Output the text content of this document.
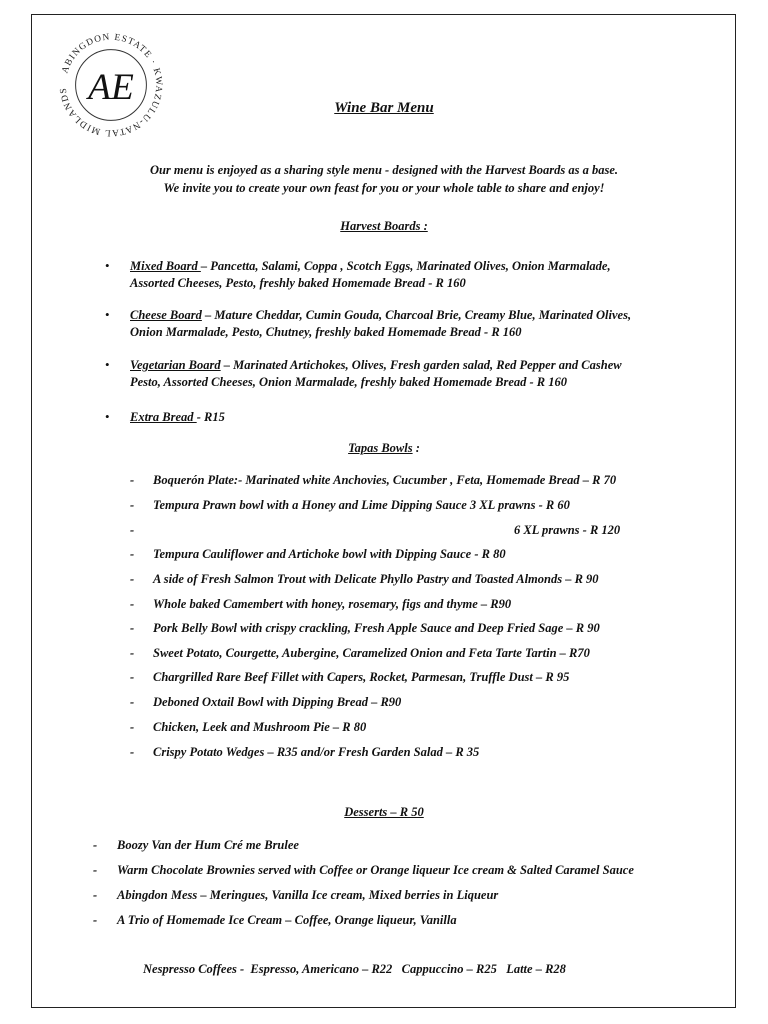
ABINGDON ESTATE · KWAZULU-NATAL MIDLANDS AE
Wine Bar Menu
Our menu is enjoyed as a sharing style menu - designed with the Harvest Boards as a base.
We invite you to create your own feast for you or your whole table to share and enjoy!
Harvest Boards :
• Mixed Board – Pancetta, Salami, Coppa , Scotch Eggs, Marinated Olives, Onion Marmalade,
Assorted Cheeses, Pesto, freshly baked Homemade Bread - R 160
• Cheese Board – Mature Cheddar, Cumin Gouda, Charcoal Brie, Creamy Blue, Marinated Olives,
Onion Marmalade, Pesto, Chutney, freshly baked Homemade Bread - R 160
• Vegetarian Board – Marinated Artichokes, Olives, Fresh garden salad, Red Pepper and Cashew
Pesto, Assorted Cheeses, Onion Marmalade, freshly baked Homemade Bread - R 160
• Extra Bread - R15
Tapas Bowls :
- Boquerón Plate:- Marinated white Anchovies, Cucumber , Feta, Homemade Bread – R 70
- Tempura Prawn bowl with a Honey and Lime Dipping Sauce 3 XL prawns - R 60
-	6 XL prawns - R 120
- Tempura Cauliflower and Artichoke bowl with Dipping Sauce - R 80
- A side of Fresh Salmon Trout with Delicate Phyllo Pastry and Toasted Almonds – R 90
- Whole baked Camembert with honey, rosemary, figs and thyme – R90
- Pork Belly Bowl with crispy crackling, Fresh Apple Sauce and Deep Fried Sage – R 90
- Sweet Potato, Courgette, Aubergine, Caramelized Onion and Feta Tarte Tartin – R70
- Chargrilled Rare Beef Fillet with Capers, Rocket, Parmesan, Truffle Dust – R 95
- Deboned Oxtail Bowl with Dipping Bread – R90
- Chicken, Leek and Mushroom Pie – R 80
- Crispy Potato Wedges – R35 and/or Fresh Garden Salad – R 35
Desserts – R 50
- Boozy Van der Hum Cré me Brulee
- Warm Chocolate Brownies served with Coffee or Orange liqueur Ice cream & Salted Caramel Sauce
- Abingdon Mess – Meringues, Vanilla Ice cream, Mixed berries in Liqueur
- A Trio of Homemade Ice Cream – Coffee, Orange liqueur, Vanilla
Nespresso Coffees -  Espresso, Americano – R22   Cappuccino – R25   Latte – R28
